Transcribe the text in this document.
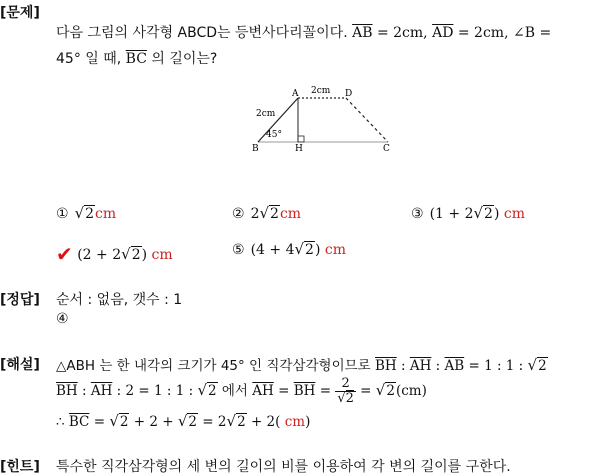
[문제]
다음 그림의 사각형 ABCD는 등변사다리꼴이다. $\overline{AB} = 2cm$, $\overline{AD} = 2cm$, ∠B =
45° 일 때, $\overline{BC}$ 의 길이는?
A	D
B	H	C
2cm
2cm
45°
① √2cm	② 2√2cm	③ (1 + 2√2) cm
✔ (2 + 2√2) cm	⑤ (4 + 4√2) cm
[정답] 순서 : 없음, 갯수 : 1
④
[해설] △ABH 는 한 내각의 크기가 45° 인 직각삼각형이므로 $\overline{BH}$ : $\overline{AH}$ : $\overline{AB} = 1$ : 1 : √2
$\overline{BH}$ : $\overline{AH}$ : 2 = 1 : 1 : √2 에서 $\overline{AH} = \overline{BH} = \frac{2}{√2} = √2(cm)$
∴ $\overline{BC} = √2 + 2 + √2 = 2√2 + 2$( cm)
[힌트] 특수한 직각삼각형의 세 변의 길이의 비를 이용하여 각 변의 길이를 구한다.
